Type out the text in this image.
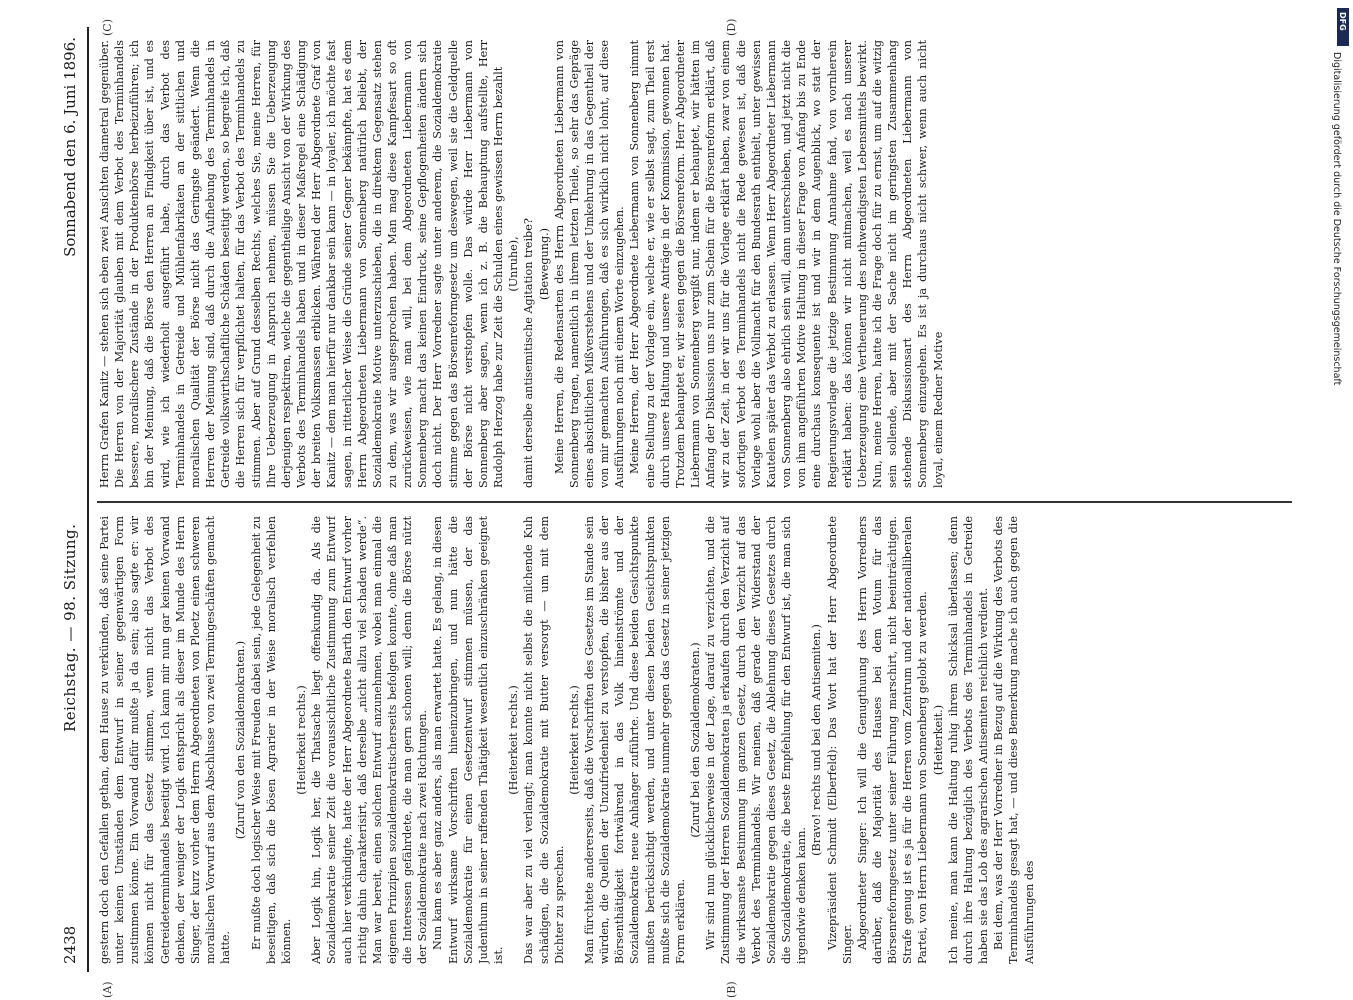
2438
Reichstag. — 98. Sitzung.
Sonnabend den 6. Juni 1896.

gestern doch den Gefallen gethan, dem Hause zu verkünden, daß seine Partei unter keinen Umständen dem Entwurf in seiner gegenwärtigen Form zustimmen könne. Ein Vorwand dafür mußte ja da sein; also sagte er: wir können nicht für das Gesetz stimmen, wenn nicht das Verbot des Getreideterminhandels beseitigt wird. Ich kann mir nun gar keinen Vorwand denken, der weniger der Logik entspricht als dieser im Munde des Herrn Singer, der kurz vorher dem Herrn Abgeordneten von Ploetz einen schweren moralischen Vorwurf aus dem Abschlusse von zwei Termingeschäften gemacht hatte.

(Zuruf von den Sozialdemokraten.) Er mußte doch logischer Weise mit Freuden dabei sein, jede Gelegenheit zu beseitigen, daß sich die bösen Agrarier in der Weise moralisch verfehlen können.

(Heiterkeit rechts.) Aber Logik hin, Logik her, die Thatsache liegt offenkundig da. Als die Sozialdemokratie seiner Zeit die voraussichtliche Zustimmung zum Entwurf auch hier verkündigte, hatte der Herr Abgeordnete Barth den Entwurf vorher richtig dahin charakterisirt, daß derselbe „nicht allzu viel schaden werde“. Man war bereit, einen solchen Entwurf anzunehmen, wobei man einmal die eigenen Prinzipien sozialdemokratischerseits befolgen konnte, ohne daß man die Interessen gefährdete, die man gern schonen will; denn die Börse nützt der Sozialdemokratie nach zwei Richtungen. Nun kam es aber ganz anders, als man erwartet hatte. Es gelang, in diesen Entwurf wirksame Vorschriften hineinzubringen, und nun hätte die Sozialdemokratie für einen Gesetzentwurf stimmen müssen, der das Judenthum in seiner raffenden Thätigkeit wesentlich einzuschränken geeignet ist.

(Heiterkeit rechts.) Das war aber zu viel verlangt; man konnte nicht selbst die milchende Kuh schädigen, die die Sozialdemokratie mit Butter versorgt — um mit dem Dichter zu sprechen.

(Heiterkeit rechts.) Man fürchtete andererseits, daß die Vorschriften des Gesetzes im Stande sein würden, die Quellen der Unzufriedenheit zu verstopfen, die bisher aus der Börsenthätigkeit fortwährend in das Volk hineinströmte und der Sozialdemokratie neue Anhänger zuführte. Und diese beiden Gesichtspunkte mußten berücksichtigt werden, und unter diesen beiden Gesichtspunkten mußte sich die Sozialdemokratie nunmehr gegen das Gesetz in seiner jetzigen Form erklären.

(Zuruf bei den Sozialdemokraten.) Wir sind nun glücklicherweise in der Lage, darauf zu verzichten, und die Zustimmung der Herren Sozialdemokraten ja erkaufen durch den Verzicht auf die wirksamste Bestimmung im ganzen Gesetz, durch den Verzicht auf das Verbot des Terminhandels. Wir meinen, daß gerade der Widerstand der Sozialdemokratie gegen dieses Gesetz, die Ablehnung dieses Gesetzes durch die Sozialdemokratie, die beste Empfehlung für den Entwurf ist, die man sich irgendwie denken kann.

(Bravo! rechts und bei den Antisemiten.) Vizepräsident Schmidt (Elberfeld): Das Wort hat der Herr Abgeordnete Singer. Abgeordneter Singer: Ich will die Genugthuung des Herrn Vorredners darüber, daß die Majorität des Hauses bei dem Votum für das Börsenreformgesetz unter seiner Führung marschirt, nicht beeinträchtigen. Strafe genug ist es ja für die Herren vom Zentrum und der nationalliberalen Partei, von Herrn Liebermann von Sonnenberg gelobt zu werden. (Heiterkeit.) Ich meine, man kann die Haltung ruhig ihrem Schicksal überlassen; denn durch ihre Haltung bezüglich des Verbots des Terminhandels in Getreide haben sie das Lob des agrarischen Antisemiten reichlich verdient. Bei dem, was der Herr Vorredner in Bezug auf die Wirkung des Verbots des Terminhandels gesagt hat, — und diese Bemerkung mache ich auch gegen die Ausführungen des

Herrn Grafen Kanitz — stehen sich eben zwei Ansichten diametral gegenüber. Die Herren von der Majorität glauben mit dem Verbot des Terminhandels bessere, moralischere Zustände in der Produktenbörse herbeizuführen; ich bin der Meinung, daß die Börse den Herren an Findigkeit über ist, und es wird, wie ich wiederholt ausgeführt habe, durch das Verbot des Terminhandels in Getreide und Mühlenfabrikaten an der sittlichen und moralischen Qualität der Börse nicht das Geringste geändert. Wenn die Herren der Meinung sind, daß durch die Aufhebung des Terminhandels in Getreide volkswirthschaftliche Schäden beseitigt werden, so begreife ich, daß die Herren sich für verpflichtet halten, für das Verbot des Terminhandels zu stimmen. Aber auf Grund desselben Rechts, welches Sie, meine Herren, für Ihre Ueberzeugung in Anspruch nehmen, müssen Sie die Ueberzeugung derjenigen respektiren, welche die gegentheilige Ansicht von der Wirkung des Verbots des Terminhandels haben und in dieser Maßregel eine Schädigung der breiten Volksmassen erblicken. Während der Herr Abgeordnete Graf von Kanitz — dem man hierfür nur dankbar sein kann — in loyaler, ich möchte fast sagen, in ritterlicher Weise die Gründe seiner Gegner bekämpfte, hat es dem Herrn Abgeordneten Liebermann von Sonnenberg natürlich beliebt, der Sozialdemokratie Motive unterzuschieben, die in direktem Gegensatz stehen zu dem, was wir ausgesprochen haben. Man mag diese Kampfesart so oft zurückweisen, wie man will, bei dem Abgeordneten Liebermann von Sonnenberg macht das keinen Eindruck, seine Gepflogenheiten ändern sich doch nicht. Der Herr Vorredner sagte unter anderem, die Sozialdemokratie stimme gegen das Börsenreformgesetz um deswegen, weil sie die Geldquelle der Börse nicht verstopfen wolle. Das würde Herr Liebermann von Sonnenberg aber sagen, wenn ich z. B. die Behauptung aufstellte, Herr Rudolph Herzog habe zur Zeit die Schulden eines gewissen Herrn bezahlt (Unruhe), damit derselbe antisemitische Agitation treibe? (Bewegung.) Meine Herren, die Redensarten des Herrn Abgeordneten Liebermann von Sonnenberg tragen, namentlich in ihrem letzten Theile, so sehr das Gepräge eines absichtlichen Mißverstehens und der Umkehrung in das Gegentheil der von mir gemachten Ausführungen, daß es sich wirklich nicht lohnt, auf diese Ausführungen noch mit einem Worte einzugehen. Meine Herren, der Herr Abgeordnete Liebermann von Sonnenberg nimmt eine Stellung zu der Vorlage ein, welche er, wie er selbst sagt, zum Theil erst durch unsere Haltung und unsere Anträge in der Kommission, gewonnen hat. Trotzdem behauptet er, wir seien gegen die Börsenreform. Herr Abgeordneter Liebermann von Sonnenberg vergißt nur, indem er behauptet, wir hätten im Anfang der Diskussion uns nur zum Schein für die Börsenreform erklärt, daß wir zu der Zeit, in der wir uns für die Vorlage erklärt haben, zwar von einem sofortigen Verbot des Terminhandels nicht die Rede gewesen ist, daß die Vorlage wohl aber die Vollmacht für den Bundesrath enthielt, unter gewissen Kautelen später das Verbot zu erlassen. Wenn Herr Abgeordneter Liebermann von Sonnenberg also ehrlich sein will, dann unterschieben, und jetzt nicht die von ihm angeführten Motive Haltung in dieser Frage von Anfang bis zu Ende eine durchaus konsequente ist und wir in dem Augenblick, wo statt der Regierungsvorlage die jetzige Bestimmung Annahme fand, von vornherein erklärt haben: das können wir nicht mitmachen, weil es nach unserer Ueberzeugung eine Vertheuerung des nothwendigsten Lebensmittels bewirkt. Nun, meine Herren, hatte ich die Frage doch für zu ernst, um auf die witzig sein sollende, aber mit der Sache nicht im geringsten Zusammenhang stehende Diskussionsart des Herrn Abgeordneten Liebermann von Sonnenberg einzugehen. Es ist ja durchaus nicht schwer, wenn auch nicht loyal, einem Redner Motive

(A)	(B)
(C)	(D)	DFG
Digitalisierung gefördert durch die Deutsche Forschungsgemeinschaft
